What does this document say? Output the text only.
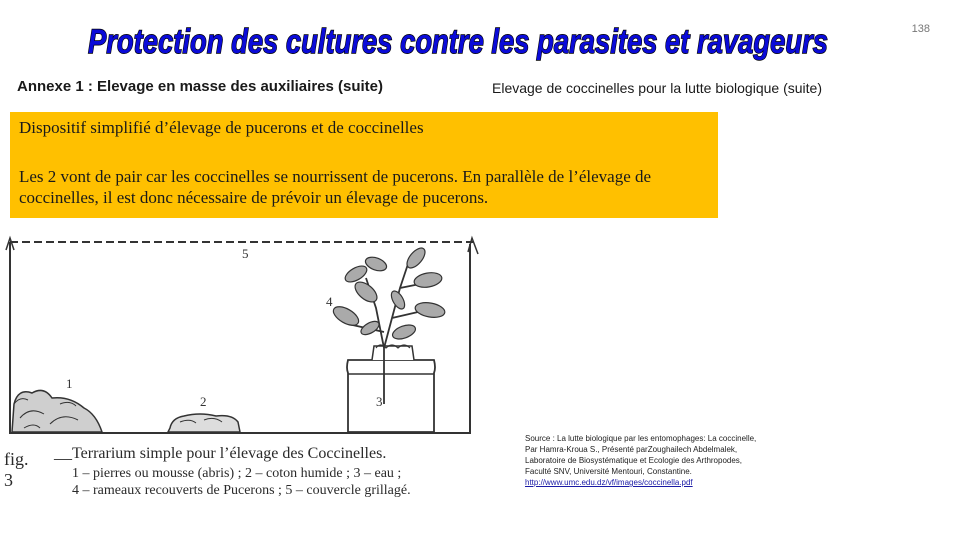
138
Protection des cultures contre les parasites et ravageurs
Annexe 1 : Elevage en masse des auxiliaires (suite)	Elevage de coccinelles pour la lutte biologique (suite)
Dispositif simplifié d’élevage de pucerons et de coccinelles
Les 2 vont de pair car les coccinelles se nourrissent de pucerons. En parallèle de l’élevage de coccinelles, il est donc nécessaire de prévoir un élevage de pucerons.
1
2	3
4
5
fig. 3
— Terrarium simple pour l’élevage des Coccinelles.
1 – pierres ou mousse (abris) ; 2 – coton humide ; 3 – eau ;
4 – rameaux recouverts de Pucerons ; 5 – couvercle grillagé.
Source : La lutte biologique par les entomophages: La coccinelle,
Par Hamra-Kroua S., Présenté parZoughailech Abdelmalek,
Laboratoire de Biosystématique et Ecologie des Arthropodes,
Faculté SNV, Université Mentouri, Constantine.
http://www.umc.edu.dz/vf/images/coccinella.pdf
